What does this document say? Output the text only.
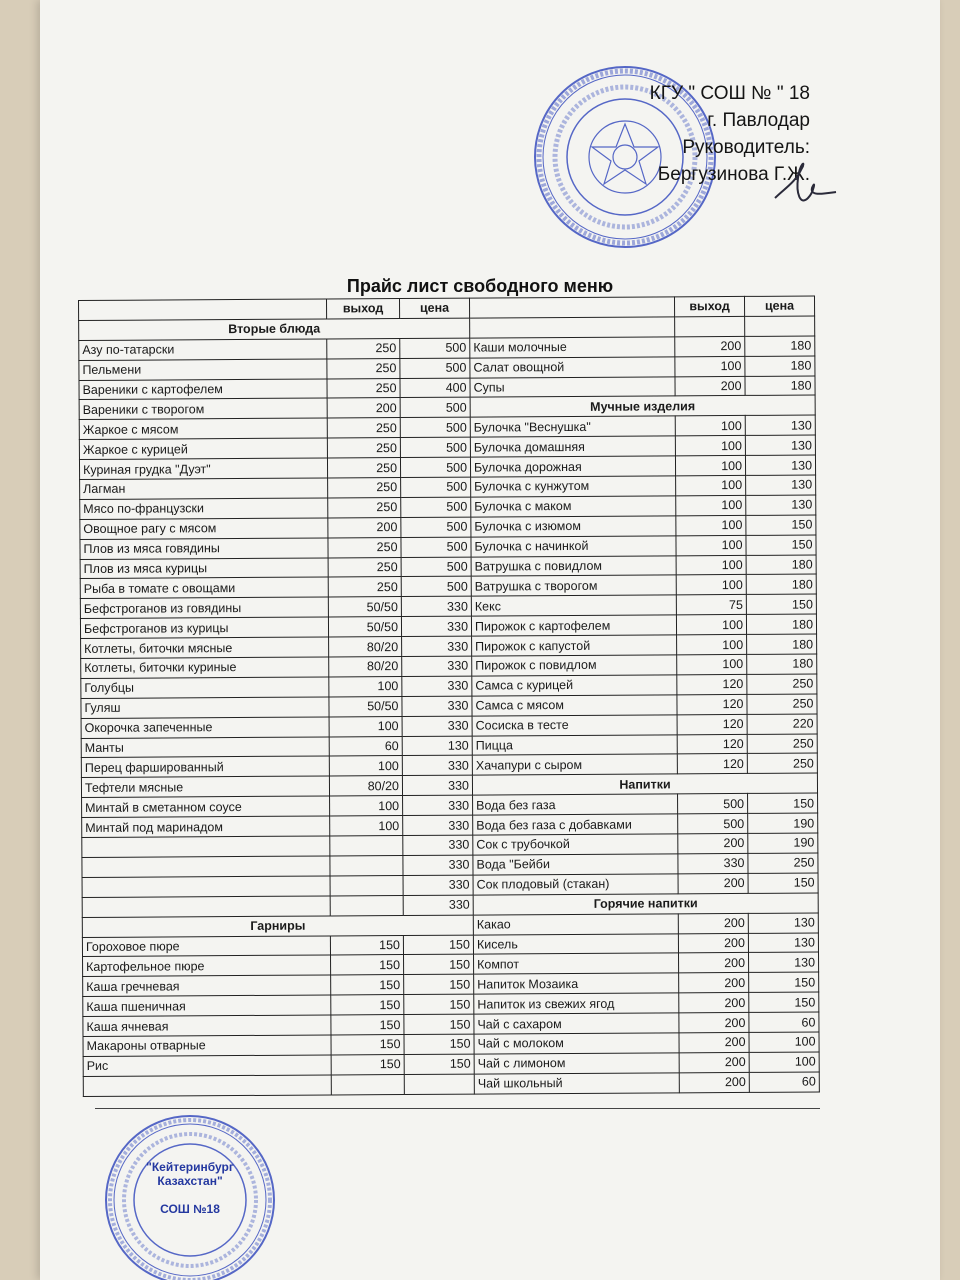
КГУ " СОШ № " 18
г. Павлодар
Руководитель:
Бергузинова Г.Ж.
Прайс лист свободного меню
	выход	цена		выход	цена
Вторые блюда					
Азу по-татарски	250	500	Каши молочные	200	180
Пельмени	250	500	Салат овощной	100	180
Вареники с картофелем	250	400	Супы	200	180
Вареники с творогом	200	500	Мучные изделия		
Жаркое с мясом	250	500	Булочка "Веснушка"	100	130
Жаркое с курицей	250	500	Булочка домашняя	100	130
Куриная грудка "Дуэт"	250	500	Булочка дорожная	100	130
Лагман	250	500	Булочка с кунжутом	100	130
Мясо по-французски	250	500	Булочка с маком	100	130
Овощное рагу с мясом	200	500	Булочка с изюмом	100	150
Плов из мяса говядины	250	500	Булочка с начинкой	100	150
Плов из мяса курицы	250	500	Ватрушка с повидлом	100	180
Рыба в томате с овощами	250	500	Ватрушка с творогом	100	180
Бефстроганов из говядины	50/50	330	Кекс	75	150
Бефстроганов из курицы	50/50	330	Пирожок с картофелем	100	180
Котлеты, биточки мясные	80/20	330	Пирожок с капустой	100	180
Котлеты, биточки куриные	80/20	330	Пирожок с повидлом	100	180
Голубцы	100	330	Самса с курицей	120	250
Гуляш	50/50	330	Самса с мясом	120	250
Окорочка запеченные	100	330	Сосиска в тесте	120	220
Манты	60	130	Пицца	120	250
Перец фаршированный	100	330	Хачапури с сыром	120	250
Тефтели мясные	80/20	330	Напитки		
Минтай в сметанном соусе	100	330	Вода без газа	500	150
Минтай под маринадом	100	330	Вода без газа с добавками	500	190
		330	Сок с трубочкой	200	190
		330	Вода "Бейби	330	250
		330	Сок плодовый (стакан)	200	150
		330	Горячие напитки		
Гарниры			Какао	200	130
Гороховое пюре	150	150	Кисель	200	130
Картофельное пюре	150	150	Компот	200	130
Каша гречневая	150	150	Напиток Мозаика	200	150
Каша пшеничная	150	150	Напиток из свежих ягод	200	150
Каша ячневая	150	150	Чай с сахаром	200	60
Макароны отварные	150	150	Чай с молоком	200	100
Рис	150	150	Чай с лимоном	200	100
			Чай школьный	200	60
"Кейтеринбург
Казахстан"
СОШ №18
